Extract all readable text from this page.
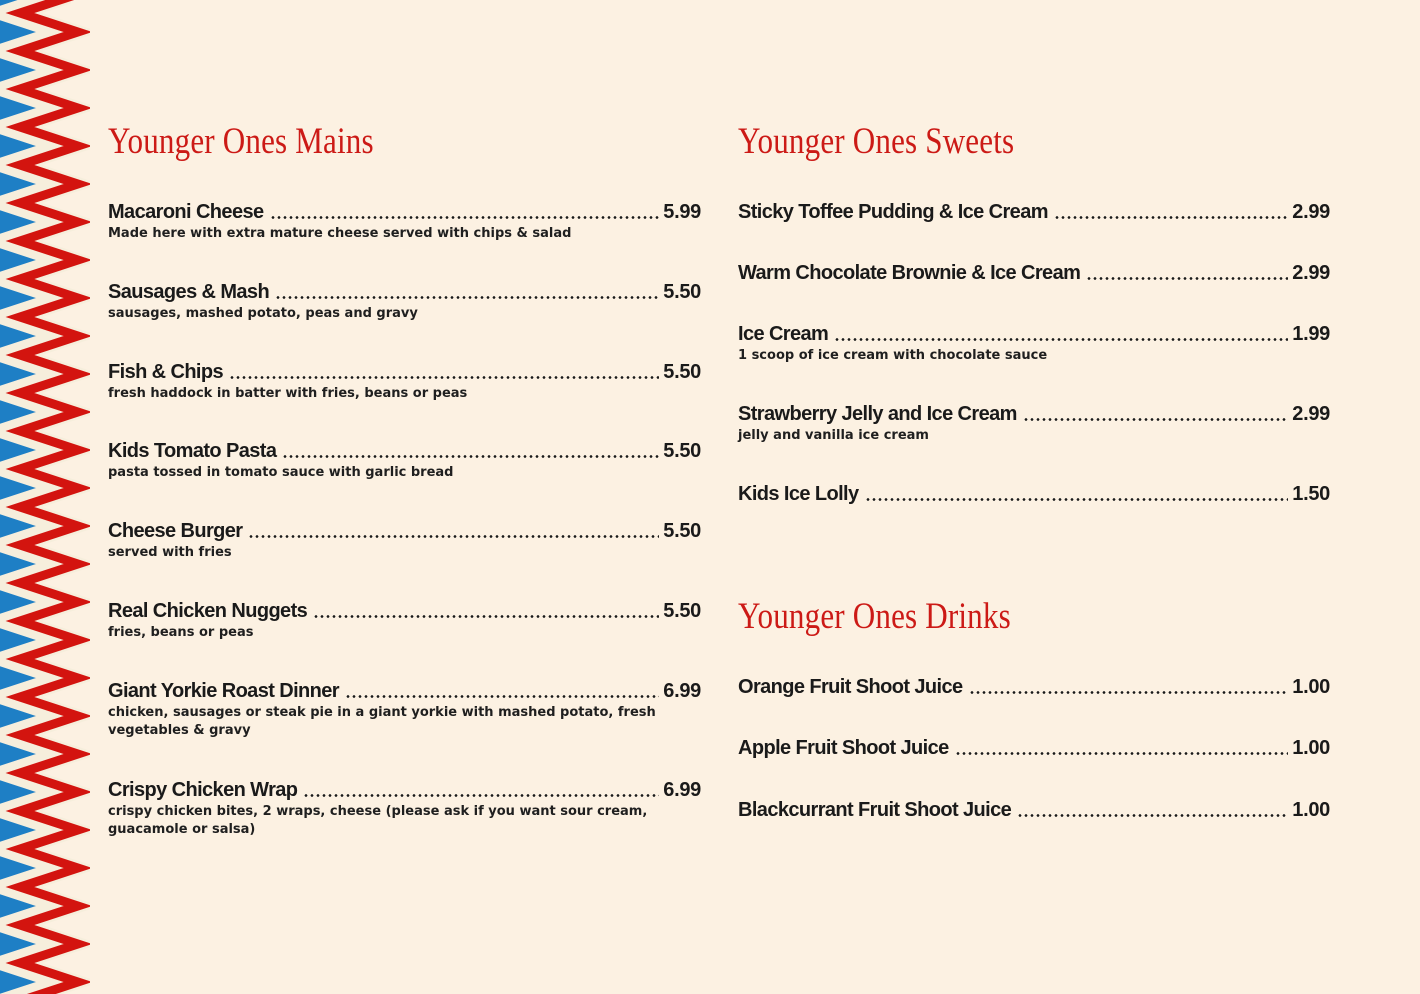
Younger Ones Mains
Macaroni Cheese	5.99
Made here with extra mature cheese served with chips & salad
Sausages & Mash	5.50
sausages, mashed potato, peas and gravy
Fish & Chips	5.50
fresh haddock in batter with fries, beans or peas
Kids Tomato Pasta	5.50
pasta tossed in tomato sauce with garlic bread
Cheese Burger	5.50
served with fries
Real Chicken Nuggets	5.50
fries, beans or peas
Giant Yorkie Roast Dinner	6.99
chicken, sausages or steak pie in a giant yorkie with mashed potato, fresh vegetables & gravy
Crispy Chicken Wrap	6.99
crispy chicken bites, 2 wraps, cheese (please ask if you want sour cream, guacamole or salsa)
Younger Ones Sweets
Sticky Toffee Pudding & Ice Cream	2.99
Warm Chocolate Brownie & Ice Cream	2.99
Ice Cream	1.99
1 scoop of ice cream with chocolate sauce
Strawberry Jelly and Ice Cream	2.99
jelly and vanilla ice cream
Kids Ice Lolly	1.50
Younger Ones Drinks
Orange Fruit Shoot Juice	1.00
Apple Fruit Shoot Juice	1.00
Blackcurrant Fruit Shoot Juice	1.00
